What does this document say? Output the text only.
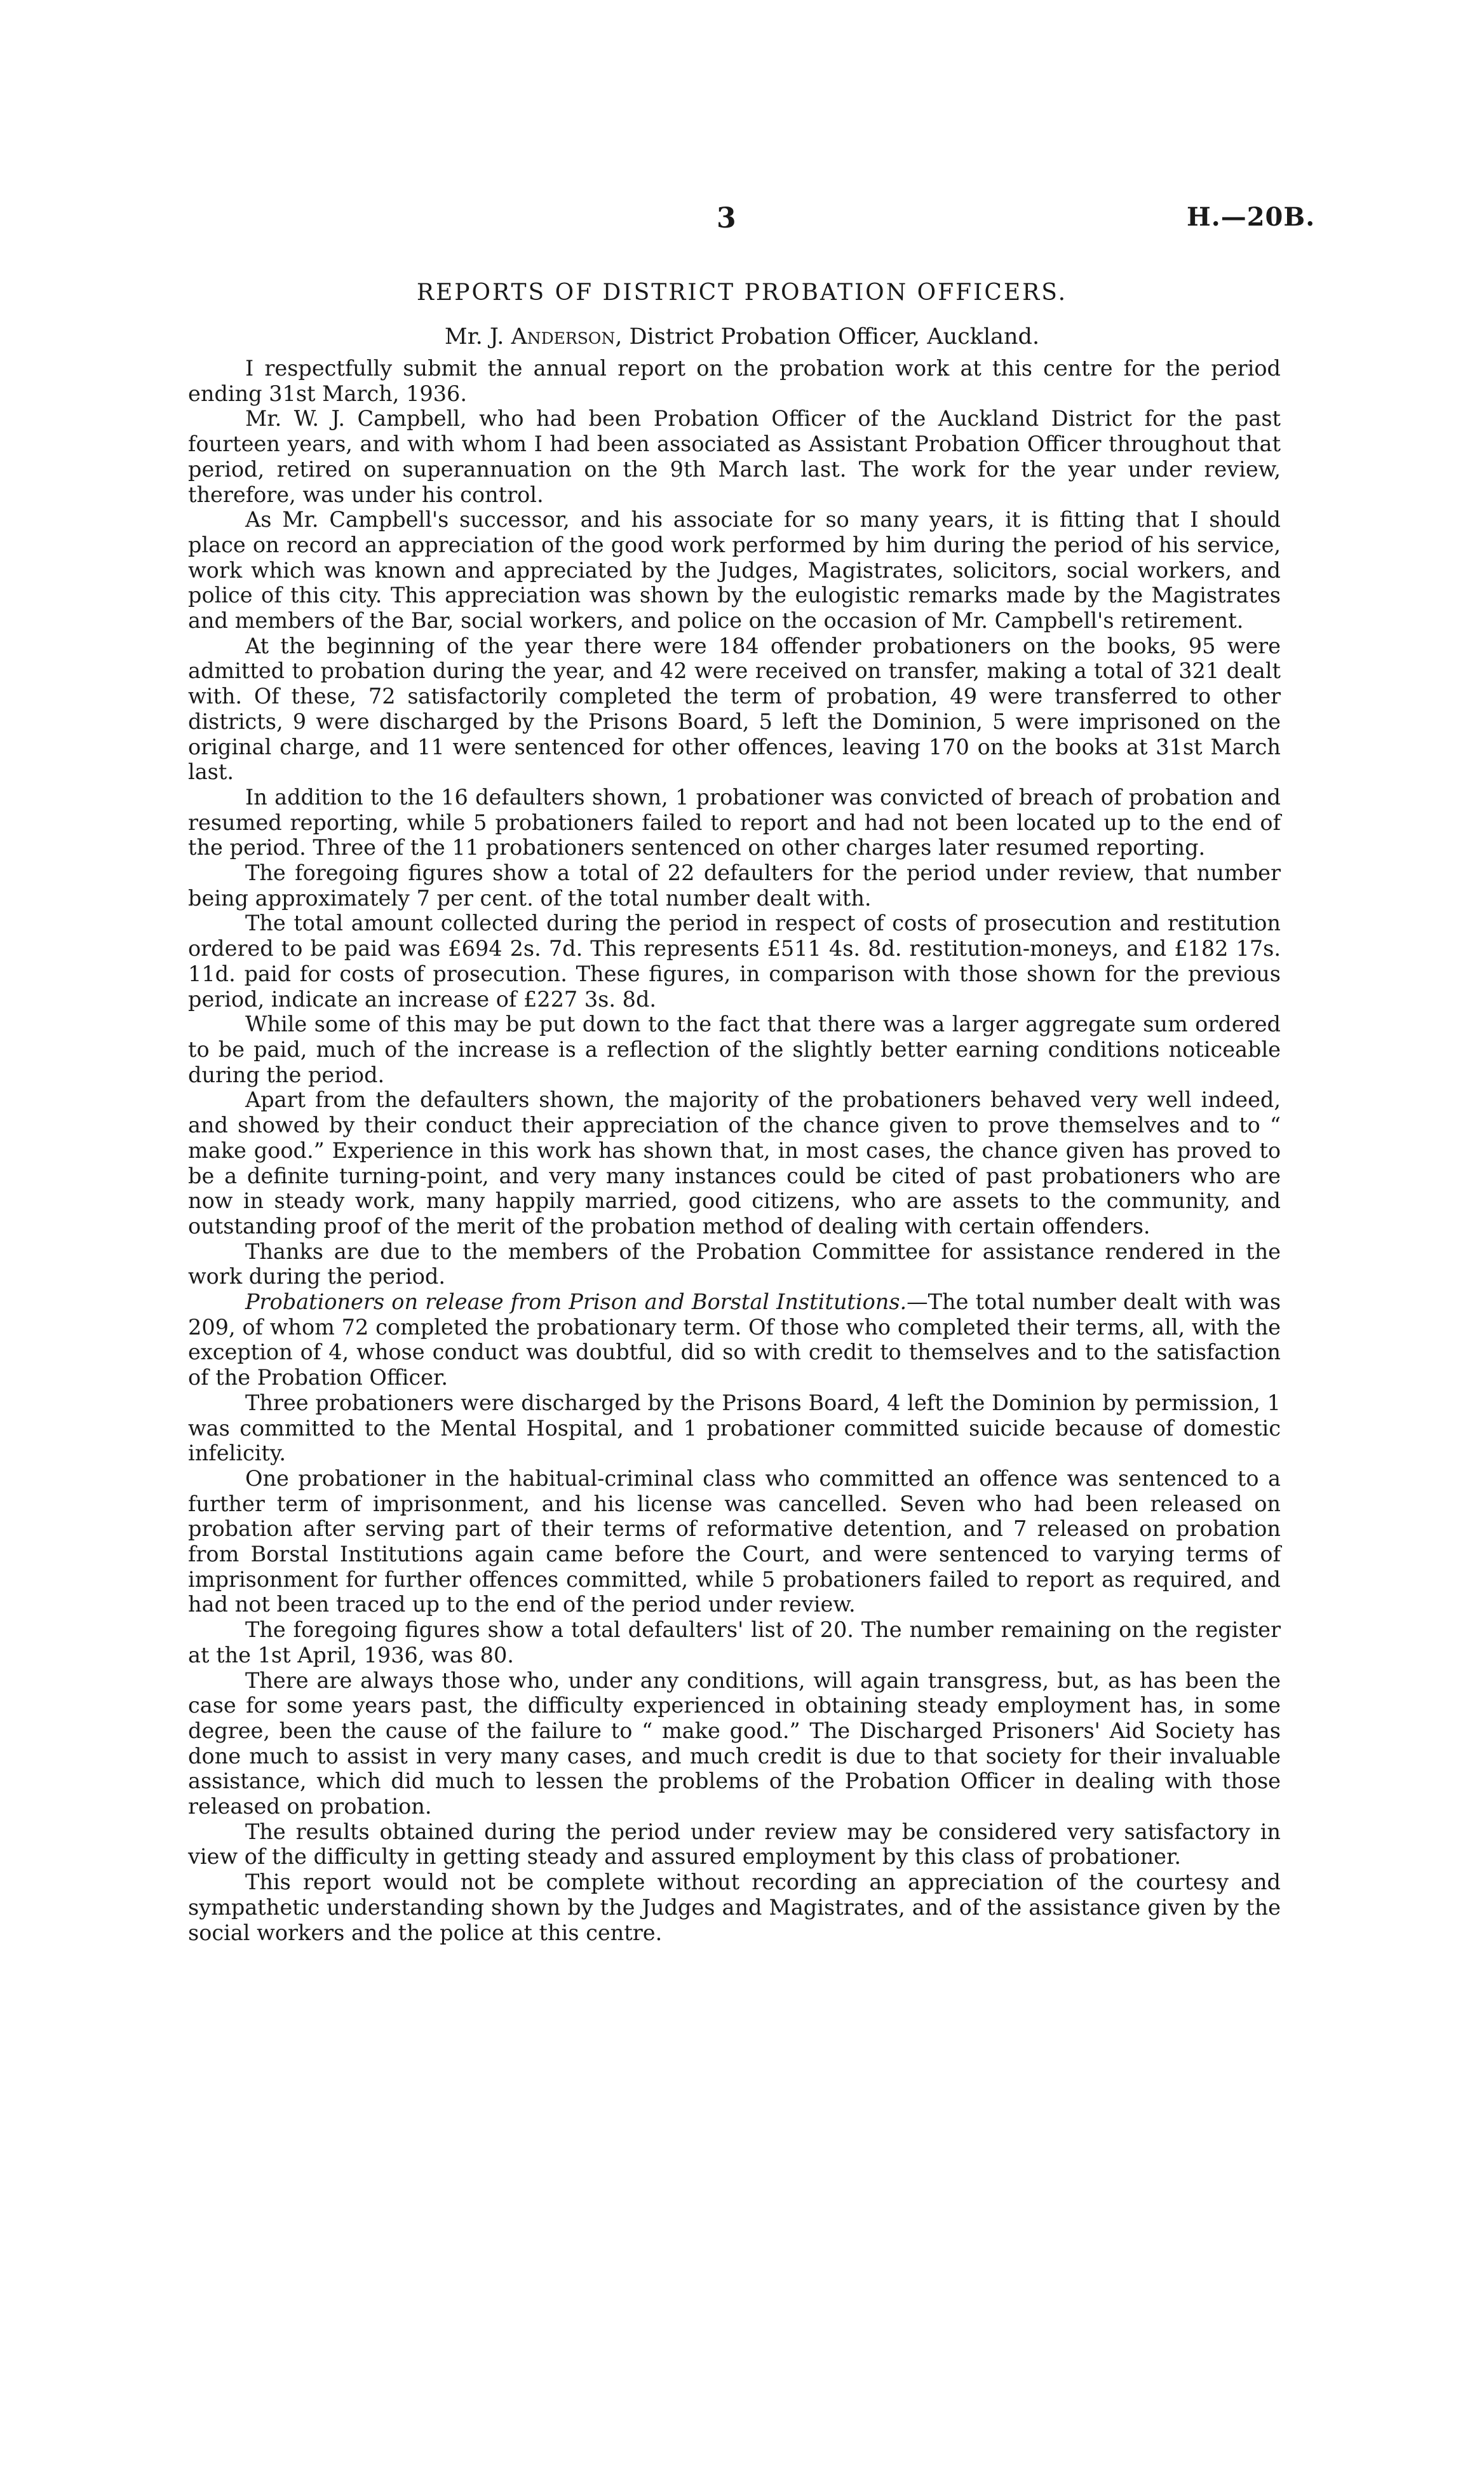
3	H.—20B.
REPORTS OF DISTRICT PROBATION OFFICERS.
Mr. J. Anderson, District Probation Officer, Auckland.

I respectfully submit the annual report on the probation work at this centre for the period ending 31st March, 1936.

Mr. W. J. Campbell, who had been Probation Officer of the Auckland District for the past fourteen years, and with whom I had been associated as Assistant Probation Officer throughout that period, retired on superannuation on the 9th March last. The work for the year under review, therefore, was under his control.

As Mr. Campbell's successor, and his associate for so many years, it is fitting that I should place on record an appreciation of the good work performed by him during the period of his service, work which was known and appreciated by the Judges, Magistrates, solicitors, social workers, and police of this city. This appreciation was shown by the eulogistic remarks made by the Magistrates and members of the Bar, social workers, and police on the occasion of Mr. Campbell's retirement.

At the beginning of the year there were 184 offender probationers on the books, 95 were admitted to probation during the year, and 42 were received on transfer, making a total of 321 dealt with. Of these, 72 satisfactorily completed the term of probation, 49 were transferred to other districts, 9 were discharged by the Prisons Board, 5 left the Dominion, 5 were imprisoned on the original charge, and 11 were sentenced for other offences, leaving 170 on the books at 31st March last.

In addition to the 16 defaulters shown, 1 probationer was convicted of breach of probation and resumed reporting, while 5 probationers failed to report and had not been located up to the end of the period. Three of the 11 probationers sentenced on other charges later resumed reporting.

The foregoing figures show a total of 22 defaulters for the period under review, that number being approximately 7 per cent. of the total number dealt with.

The total amount collected during the period in respect of costs of prosecution and restitution ordered to be paid was £694 2s. 7d. This represents £511 4s. 8d. restitution-moneys, and £182 17s. 11d. paid for costs of prosecution. These figures, in comparison with those shown for the previous period, indicate an increase of £227 3s. 8d.

While some of this may be put down to the fact that there was a larger aggregate sum ordered to be paid, much of the increase is a reflection of the slightly better earning conditions noticeable during the period.

Apart from the defaulters shown, the majority of the probationers behaved very well indeed, and showed by their conduct their appreciation of the chance given to prove themselves and to “ make good.” Experience in this work has shown that, in most cases, the chance given has proved to be a definite turning-point, and very many instances could be cited of past probationers who are now in steady work, many happily married, good citizens, who are assets to the community, and outstanding proof of the merit of the probation method of dealing with certain offenders.

Thanks are due to the members of the Probation Committee for assistance rendered in the work during the period.

Probationers on release from Prison and Borstal Institutions.—The total number dealt with was 209, of whom 72 completed the probationary term. Of those who completed their terms, all, with the exception of 4, whose conduct was doubtful, did so with credit to themselves and to the satisfaction of the Probation Officer.

Three probationers were discharged by the Prisons Board, 4 left the Dominion by permission, 1 was committed to the Mental Hospital, and 1 probationer committed suicide because of domestic infelicity.

One probationer in the habitual-criminal class who committed an offence was sentenced to a further term of imprisonment, and his license was cancelled. Seven who had been released on probation after serving part of their terms of reformative detention, and 7 released on probation from Borstal Institutions again came before the Court, and were sentenced to varying terms of imprisonment for further offences committed, while 5 probationers failed to report as required, and had not been traced up to the end of the period under review.

The foregoing figures show a total defaulters' list of 20. The number remaining on the register at the 1st April, 1936, was 80.

There are always those who, under any conditions, will again transgress, but, as has been the case for some years past, the difficulty experienced in obtaining steady employment has, in some degree, been the cause of the failure to “ make good.” The Discharged Prisoners' Aid Society has done much to assist in very many cases, and much credit is due to that society for their invaluable assistance, which did much to lessen the problems of the Probation Officer in dealing with those released on probation.

The results obtained during the period under review may be considered very satisfactory in view of the difficulty in getting steady and assured employment by this class of probationer.

This report would not be complete without recording an appreciation of the courtesy and sympathetic understanding shown by the Judges and Magistrates, and of the assistance given by the social workers and the police at this centre.
